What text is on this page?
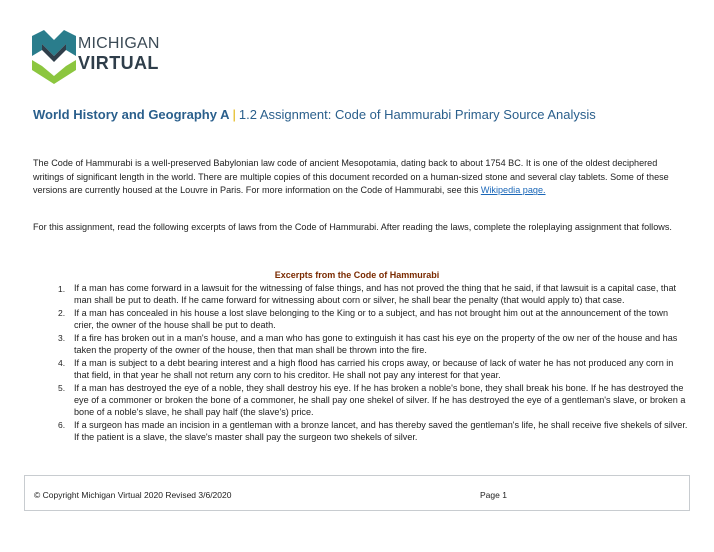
MICHIGAN
VIRTUAL
World History and Geography A | 1.2 Assignment: Code of Hammurabi Primary Source Analysis
The Code of Hammurabi is a well-preserved Babylonian law code of ancient Mesopotamia, dating back to about 1754 BC. It is one of the oldest deciphered writings of significant length in the world. There are multiple copies of this document recorded on a human-sized stone and several clay tablets. Some of these versions are currently housed at the Louvre in Paris. For more information on the Code of Hammurabi, see this Wikipedia page.
For this assignment, read the following excerpts of laws from the Code of Hammurabi. After reading the laws, complete the roleplaying assignment that follows.
Excerpts from the Code of Hammurabi
1. If a man has come forward in a lawsuit for the witnessing of false things, and has not proved the thing that he said, if that lawsuit is a capital case, that man shall be put to death. If he came forward for witnessing about corn or silver, he shall bear the penalty (that would apply to) that case.
2. If a man has concealed in his house a lost slave belonging to the King or to a subject, and has not brought him out at the announcement of the town crier, the owner of the house shall be put to death.
3. If a fire has broken out in a man's house, and a man who has gone to extinguish it has cast his eye on the property of the ow ner of the house and has taken the property of the owner of the house, then that man shall be thrown into the fire.
4. If a man is subject to a debt bearing interest and a high flood has carried his crops away, or because of lack of water he has not produced any corn in that field, in that year he shall not return any corn to his creditor. He shall not pay any interest for that year.
5. If a man has destroyed the eye of a noble, they shall destroy his eye. If he has broken a noble's bone, they shall break his bone. If he has destroyed the eye of a commoner or broken the bone of a commoner, he shall pay one shekel of silver. If he has destroyed the eye of a gentleman's slave, or broken a bone of a noble's slave, he shall pay half (the slave's) price.
6. If a surgeon has made an incision in a gentleman with a bronze lancet, and has thereby saved the gentleman's life, he shall receive five shekels of silver. If the patient is a slave, the slave's master shall pay the surgeon two shekels of silver.
© Copyright Michigan Virtual 2020 Revised 3/6/2020	Page 1
